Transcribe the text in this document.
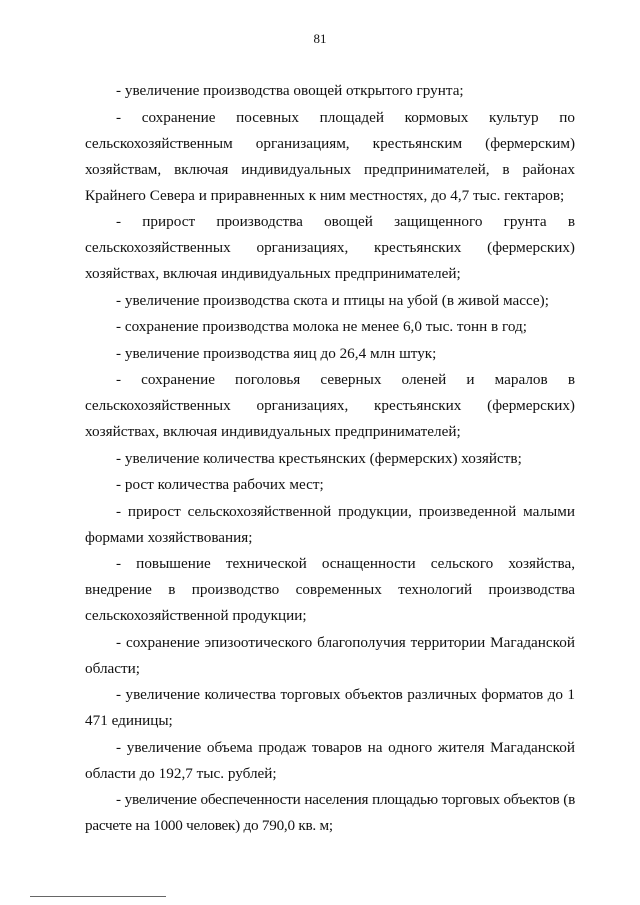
81

- увеличение производства овощей открытого грунта;

- сохранение посевных площадей кормовых культур по сельскохозяйственным организациям, крестьянским (фермерским) хозяйствам, включая индивидуальных предпринимателей, в районах Крайнего Севера и приравненных к ним местностях, до 4,7 тыс. гектаров;

- прирост производства овощей защищенного грунта в сельскохозяйственных организациях, крестьянских (фермерских) хозяйствах, включая индивидуальных предпринимателей;

- увеличение производства скота и птицы на убой (в живой массе);

- сохранение производства молока не менее 6,0 тыс. тонн в год;

- увеличение производства яиц до 26,4 млн штук;

- сохранение поголовья северных оленей и маралов в сельскохозяйственных организациях, крестьянских (фермерских) хозяйствах, включая индивидуальных предпринимателей;

- увеличение количества крестьянских (фермерских) хозяйств;

- рост количества рабочих мест;

- прирост сельскохозяйственной продукции, произведенной малыми формами хозяйствования;

- повышение технической оснащенности сельского хозяйства, внедрение в производство современных технологий производства сельскохозяйственной продукции;

- сохранение эпизоотического благополучия территории Магаданской области;

- увеличение количества торговых объектов различных форматов до 1 471 единицы;

- увеличение объема продаж товаров на одного жителя Магаданской области до 192,7 тыс. рублей;

- увеличение обеспеченности населения площадью торговых объектов (в расчете на 1000 человек) до 790,0 кв. м;
